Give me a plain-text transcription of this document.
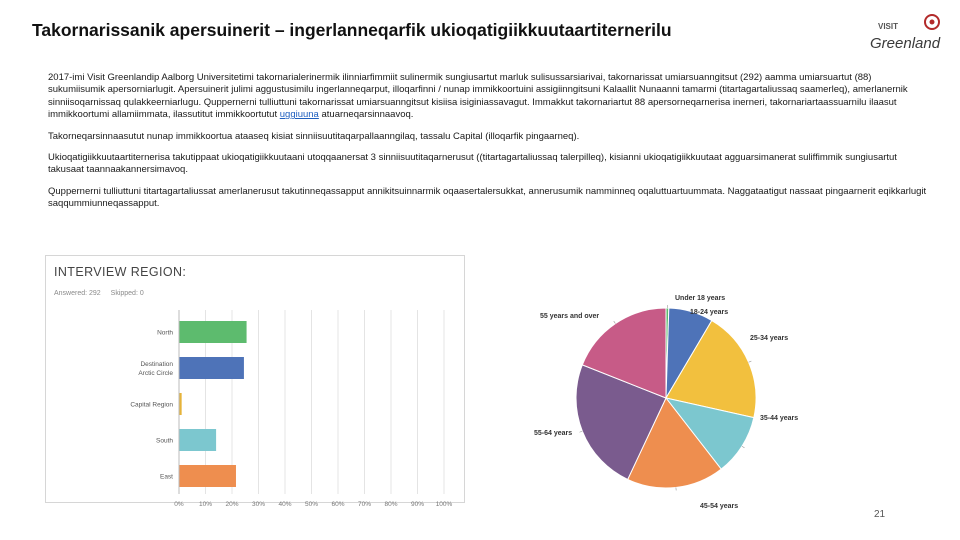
Takornarissanik apersuinerit – ingerlanneqarfik ukioqatigiikkuutaartiternerilu	VISIT
Greenland

2017-imi Visit Greenlandip Aalborg Universitetimi takornarialerinermik ilinniarfimmiit sulinermik sungiusartut marluk sulisussarsiarivai, takornarissat umiarsuanngitsut (292) aamma umiarsuartut (88) sukumiisumik apersorniarlugit. Apersuinerit julimi aggustusimilu ingerlanneqarput, illoqarfinni / nunap immikkoortuini assigiinngitsuni Kalaallit Nunaanni tamarmi (titartagartaliussaq saamerleq), amerlanernik sinniisoqarnissaq qulakkeerniarlugu. Quppernerni tulliuttuni takornarissat umiarsuanngitsut kisiisa isiginiassavagut. Immakkut takornariartut 88 apersorneqarnerisa inerneri, takornariartaassuarnilu ilaasut immikkoortumi allamiimmata, ilassutitut immikkoortutut uggiuuna atuarneqarsinnaavoq.

Takorneqarsinnaasutut nunap immikkoortua ataaseq kisiat sinniisuutitaqarpallaanngilaq, tassalu Capital (illoqarfik pingaarneq).

Ukioqatigiikkuutaartiternerisa takutippaat ukioqatigiikkuutaani utoqqaanersat 3 sinniisuutitaqarnerusut ((titartagartaliussaq talerpilleq), kisianni ukioqatigiikkuutaat agguarsimanerat suliffimmik sungiusartut takusaat taannaakannersimavoq.

Quppernerni tulliuttuni titartagartaliussat amerlanerusut takutinneqassapput annikitsuinnarmik oqaasertalersukkat, annerusumik namminneq oqaluttuartuummata. Naggataatigut nassaat pingaarnerit eqikkarlugit saqqummiunneqassapput.

INTERVIEW REGION:
Answered: 292 Skipped: 0
0% 10% 20% 30% 40% 50% 60% 70% 80% 90% 100%
North
Destination Arctic Circle
Capital Region
South
East
Under 18 years
18-24 years
25-34 years
35-44 years
45-54 years
55-64 years
55 years and over
21
